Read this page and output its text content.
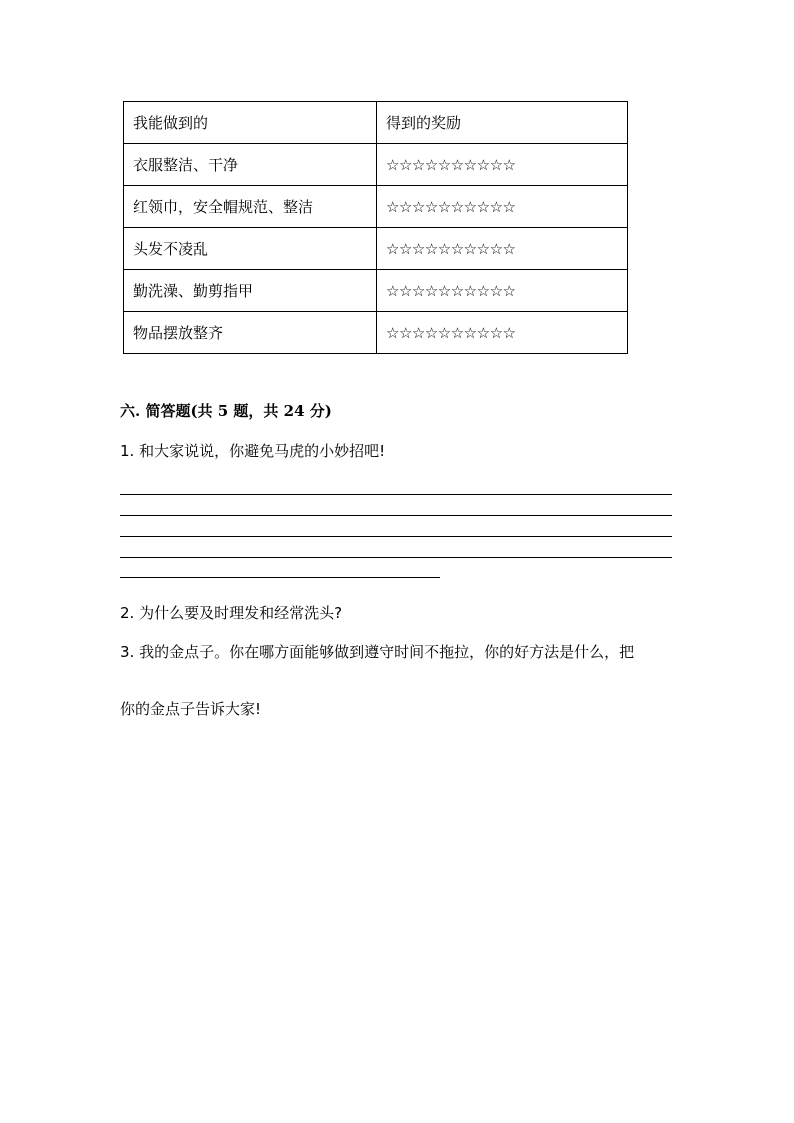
我能做到的	得到的奖励
衣服整洁、干净	☆☆☆☆☆☆☆☆☆☆
红领巾，安全帽规范、整洁	☆☆☆☆☆☆☆☆☆☆
头发不凌乱	☆☆☆☆☆☆☆☆☆☆
勤洗澡、勤剪指甲	☆☆☆☆☆☆☆☆☆☆
物品摆放整齐	☆☆☆☆☆☆☆☆☆☆
六. 简答题(共 5 题，共 24 分)
1. 和大家说说，你避免马虎的小妙招吧!
2. 为什么要及时理发和经常洗头?
3. 我的金点子。你在哪方面能够做到遵守时间不拖拉，你的好方法是什么，把
你的金点子告诉大家!
